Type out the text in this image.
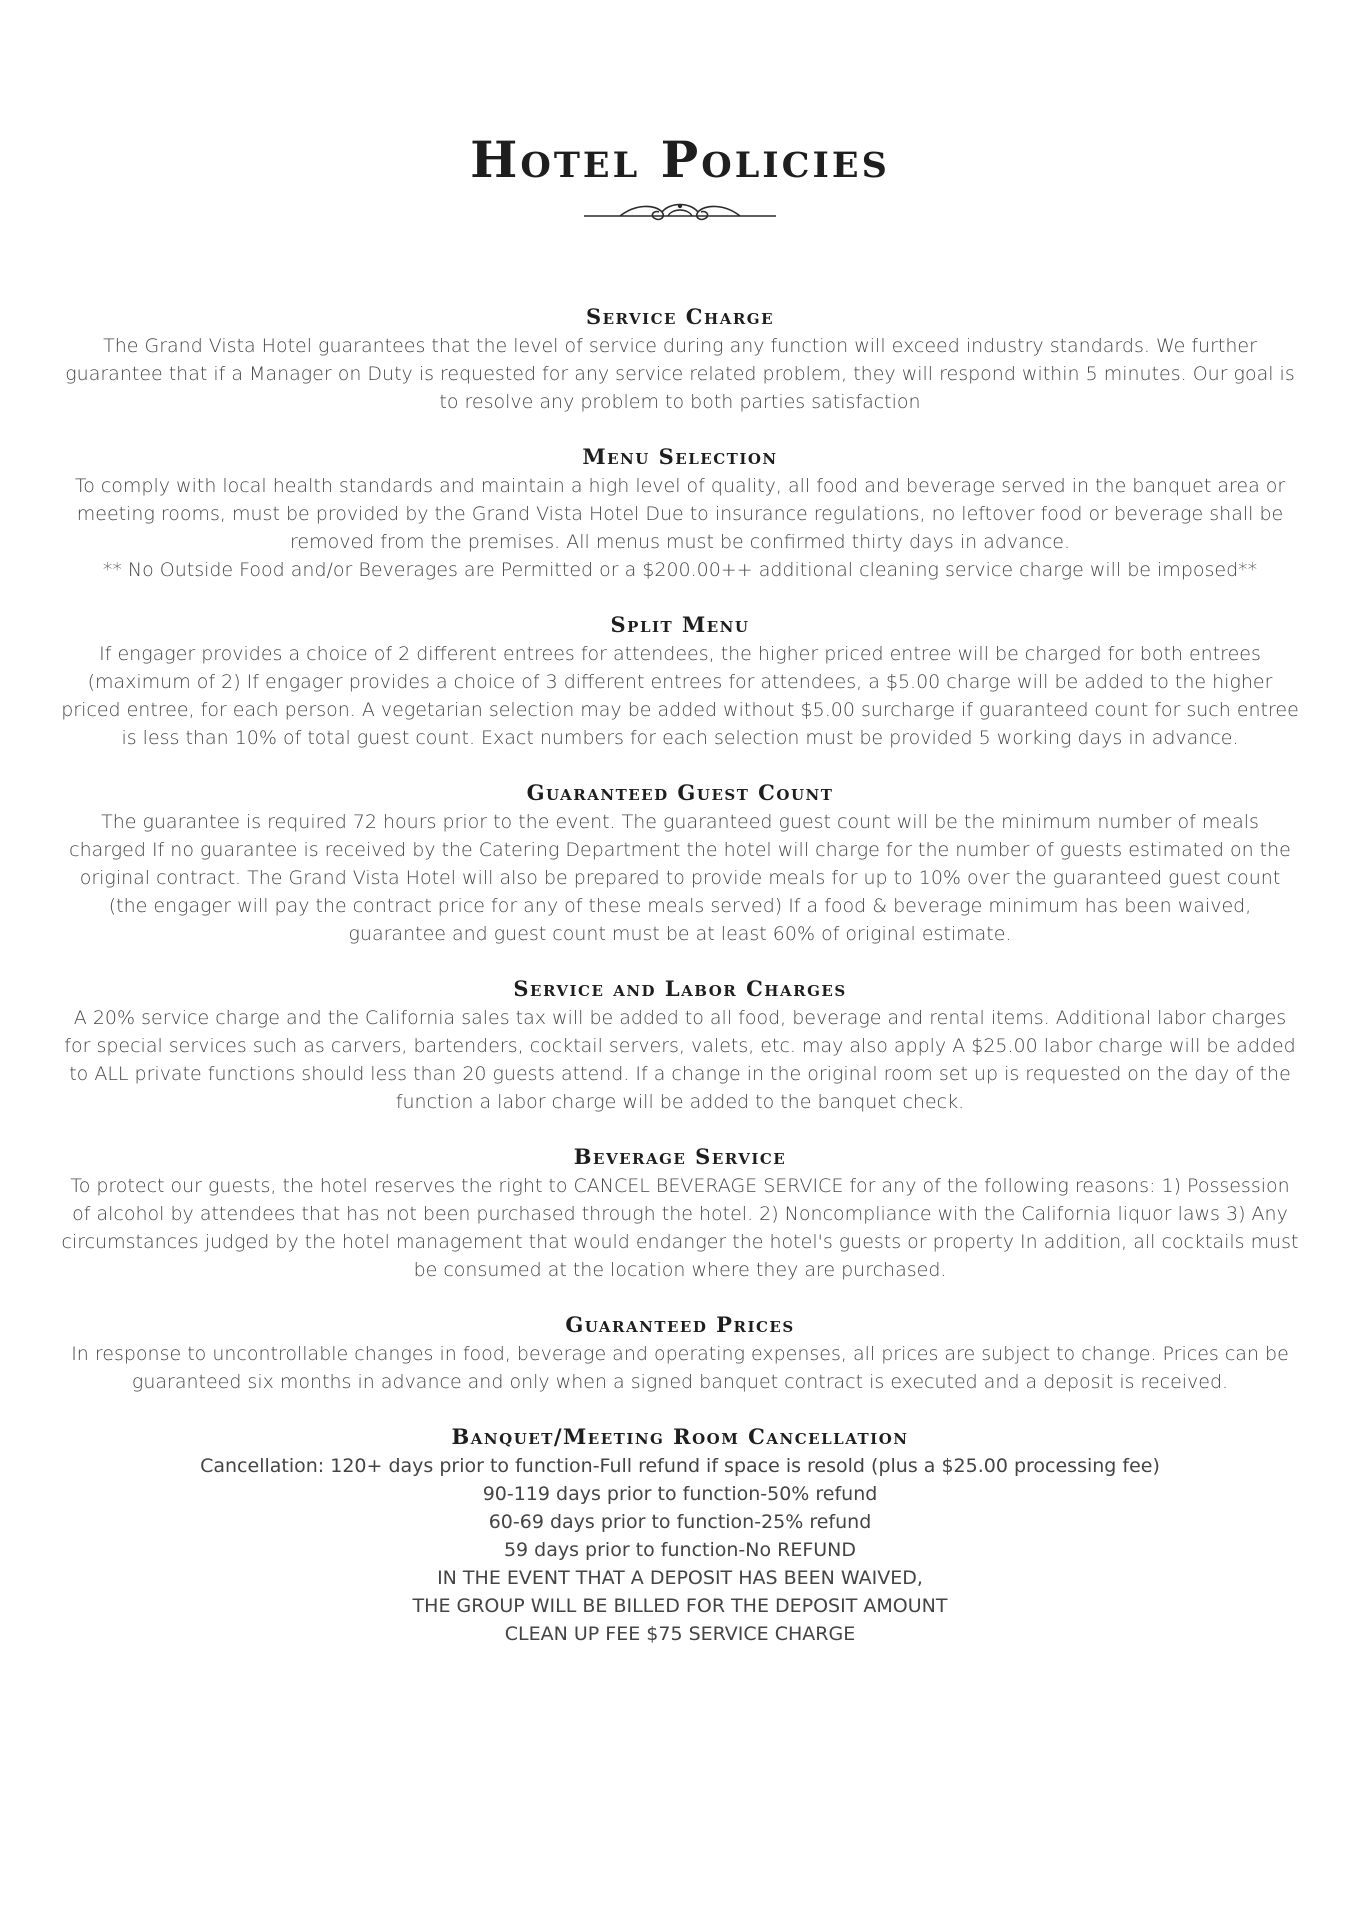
Hotel Policies
Service Charge

The Grand Vista Hotel guarantees that the level of service during any function will exceed industry standards. We further guarantee that if a Manager on Duty is requested for any service related problem, they will respond within 5 minutes. Our goal is to resolve any problem to both parties satisfaction

Menu Selection

To comply with local health standards and maintain a high level of quality, all food and beverage served in the banquet area or meeting rooms, must be provided by the Grand Vista Hotel Due to insurance regulations, no leftover food or beverage shall be removed from the premises. All menus must be confirmed thirty days in advance.

** No Outside Food and/or Beverages are Permitted or a $200.00++ additional cleaning service charge will be imposed**

Split Menu

If engager provides a choice of 2 different entrees for attendees, the higher priced entree will be charged for both entrees (maximum of 2) If engager provides a choice of 3 different entrees for attendees, a $5.00 charge will be added to the higher priced entree, for each person. A vegetarian selection may be added without $5.00 surcharge if guaranteed count for such entree is less than 10% of total guest count. Exact numbers for each selection must be provided 5 working days in advance.

Guaranteed Guest Count

The guarantee is required 72 hours prior to the event. The guaranteed guest count will be the minimum number of meals charged If no guarantee is received by the Catering Department the hotel will charge for the number of guests estimated on the original contract. The Grand Vista Hotel will also be prepared to provide meals for up to 10% over the guaranteed guest count (the engager will pay the contract price for any of these meals served) If a food & beverage minimum has been waived, guarantee and guest count must be at least 60% of original estimate.

Service and Labor Charges

A 20% service charge and the California sales tax will be added to all food, beverage and rental items. Additional labor charges for special services such as carvers, bartenders, cocktail servers, valets, etc. may also apply A $25.00 labor charge will be added to ALL private functions should less than 20 guests attend. If a change in the original room set up is requested on the day of the function a labor charge will be added to the banquet check.

Beverage Service

To protect our guests, the hotel reserves the right to CANCEL BEVERAGE SERVICE for any of the following reasons: 1) Possession of alcohol by attendees that has not been purchased through the hotel. 2) Noncompliance with the California liquor laws 3) Any circumstances judged by the hotel management that would endanger the hotel's guests or property In addition, all cocktails must be consumed at the location where they are purchased.

Guaranteed Prices

In response to uncontrollable changes in food, beverage and operating expenses, all prices are subject to change. Prices can be guaranteed six months in advance and only when a signed banquet contract is executed and a deposit is received.

Banquet/Meeting Room Cancellation
Cancellation: 120+ days prior to function-Full refund if space is resold (plus a $25.00 processing fee)
90-119 days prior to function-50% refund
60-69 days prior to function-25% refund
59 days prior to function-No REFUND
IN THE EVENT THAT A DEPOSIT HAS BEEN WAIVED,
THE GROUP WILL BE BILLED FOR THE DEPOSIT AMOUNT
CLEAN UP FEE $75 SERVICE CHARGE
